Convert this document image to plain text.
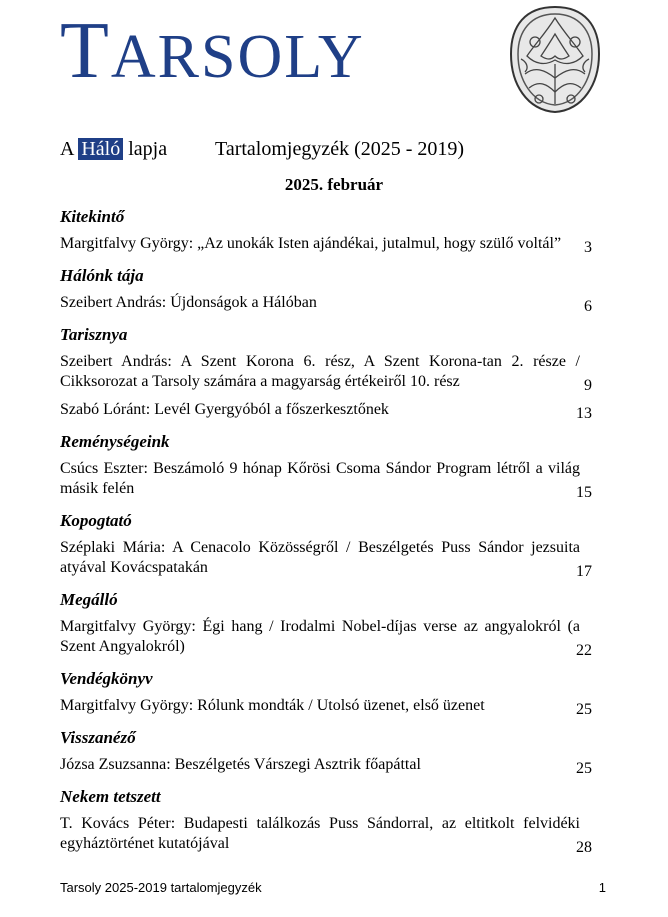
TARSOLY
A Háló lapja Tartalomjegyzék (2025 - 2019)
2025. február
Kitekintő
Margitfalvy György: „Az unokák Isten ajándékai, jutalmul, hogy szülő voltál”	3
Hálónk tája
Szeibert András: Újdonságok a Hálóban	6
Tarisznya
Szeibert András: A Szent Korona 6. rész, A Szent Korona-tan 2. része / Cikksorozat a Tarsoly számára a magyarság értékeiről 10. rész	9
Szabó Lóránt: Levél Gyergyóból a főszerkesztőnek	13
Reménységeink
Csúcs Eszter: Beszámoló 9 hónap Kőrösi Csoma Sándor Program létről a világ másik felén	15
Kopogtató
Széplaki Mária: A Cenacolo Közösségről / Beszélgetés Puss Sándor jezsuita atyával Kovácspatakán	17
Megálló
Margitfalvy György: Égi hang / Irodalmi Nobel-díjas verse az angyalokról (a Szent Angyalokról)	22
Vendégkönyv
Margitfalvy György: Rólunk mondták / Utolsó üzenet, első üzenet	25
Visszanéző
Józsa Zsuzsanna: Beszélgetés Várszegi Asztrik főapáttal	25
Nekem tetszett
T. Kovács Péter: Budapesti találkozás Puss Sándorral, az eltitkolt felvidéki egyháztörténet kutatójával	28
Tarsoly 2025-2019 tartalomjegyzék	1
